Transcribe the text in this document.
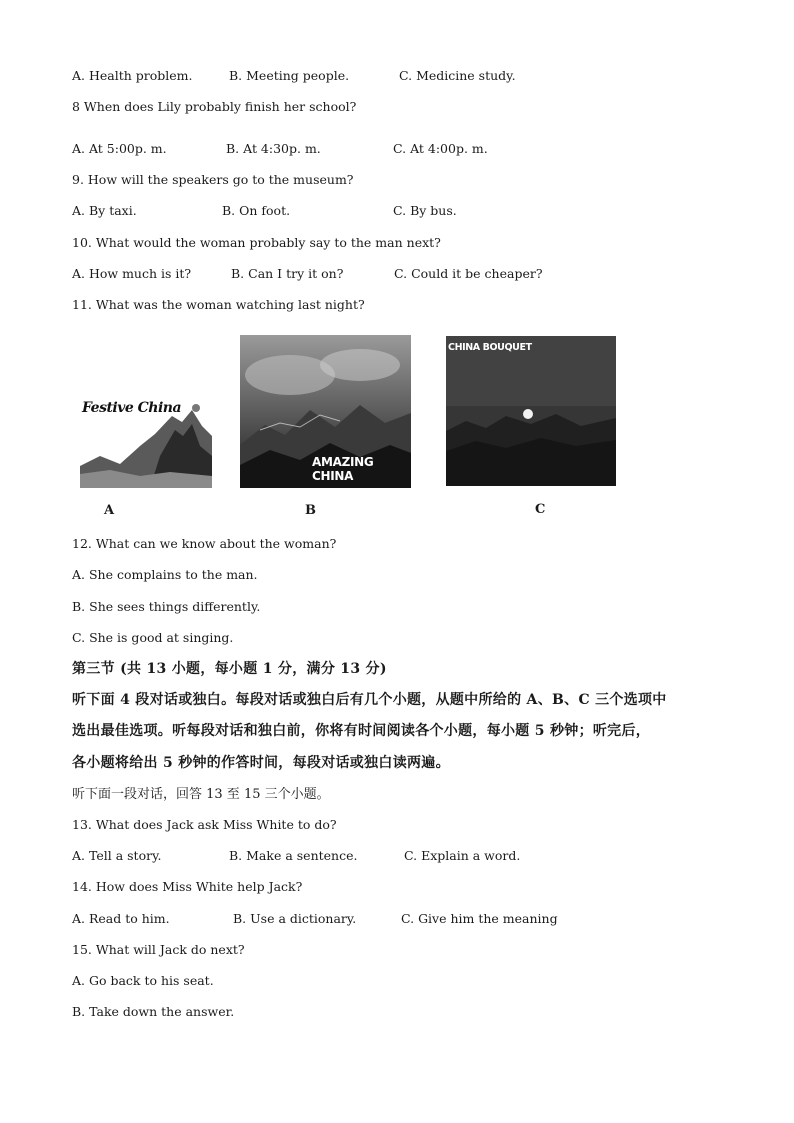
A. Health problem.	B. Meeting people.	C. Medicine study.
8 When does Lily probably finish her school?
A. At 5:00p. m.	B. At 4:30p. m.	C. At 4:00p. m.
9. How will the speakers go to the museum?
A. By taxi.	B. On foot.	C. By bus.
10. What would the woman probably say to the man next?
A. How much is it?	B. Can I try it on?	C. Could it be cheaper?
11. What was the woman watching last night?
Festive China
A
AMAZING CHINA
B
CHINA BOUQUET
C
12. What can we know about the woman?
A. She complains to the man.
B. She sees things differently.
C. She is good at singing.
第三节 (共 13 小题，每小题 1 分，满分 13 分)
听下面 4 段对话或独白。每段对话或独白后有几个小题，从题中所给的 A、B、C 三个选项中
选出最佳选项。听每段对话和独白前，你将有时间阅读各个小题，每小题 5 秒钟；听完后，
各小题将给出 5 秒钟的作答时间，每段对话或独白读两遍。
听下面一段对话，回答 13 至 15 三个小题。
13. What does Jack ask Miss White to do?
A. Tell a story.	B. Make a sentence.	C. Explain a word.
14. How does Miss White help Jack?
A. Read to him.	B. Use a dictionary.	C. Give him the meaning
15. What will Jack do next?
A. Go back to his seat.
B. Take down the answer.
